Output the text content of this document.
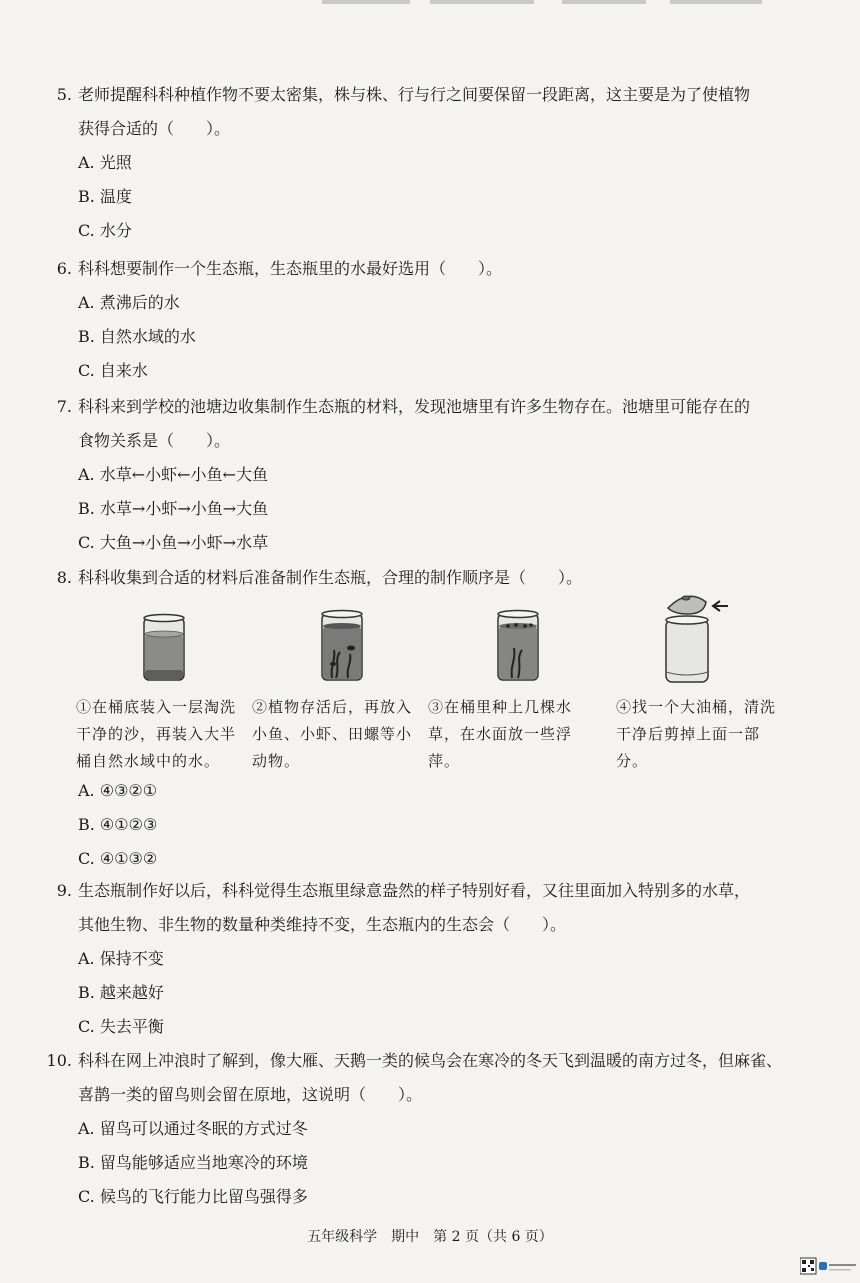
5. 老师提醒科科种植作物不要太密集，株与株、行与行之间要保留一段距离，这主要是为了使植物
获得合适的（　　）。
A. 光照
B. 温度
C. 水分
6. 科科想要制作一个生态瓶，生态瓶里的水最好选用（　　）。
A. 煮沸后的水
B. 自然水域的水
C. 自来水
7. 科科来到学校的池塘边收集制作生态瓶的材料，发现池塘里有许多生物存在。池塘里可能存在的
食物关系是（　　）。
A. 水草←小虾←小鱼←大鱼
B. 水草→小虾→小鱼→大鱼
C. 大鱼→小鱼→小虾→水草
8. 科科收集到合适的材料后准备制作生态瓶，合理的制作顺序是（　　）。
①在桶底装入一层淘洗干净的沙，再装入大半桶自然水域中的水。
②植物存活后，再放入小鱼、小虾、田螺等小动物。
③在桶里种上几棵水草，在水面放一些浮萍。
④找一个大油桶，清洗干净后剪掉上面一部分。
A. ④③②①
B. ④①②③
C. ④①③②
9. 生态瓶制作好以后，科科觉得生态瓶里绿意盎然的样子特别好看，又往里面加入特别多的水草，
其他生物、非生物的数量种类维持不变，生态瓶内的生态会（　　）。
A. 保持不变
B. 越来越好
C. 失去平衡
10. 科科在网上冲浪时了解到，像大雁、天鹅一类的候鸟会在寒冷的冬天飞到温暖的南方过冬，但麻雀、
喜鹊一类的留鸟则会留在原地，这说明（　　）。
A. 留鸟可以通过冬眠的方式过冬
B. 留鸟能够适应当地寒冷的环境
C. 候鸟的飞行能力比留鸟强得多
五年级科学　期中　第 2 页（共 6 页）
